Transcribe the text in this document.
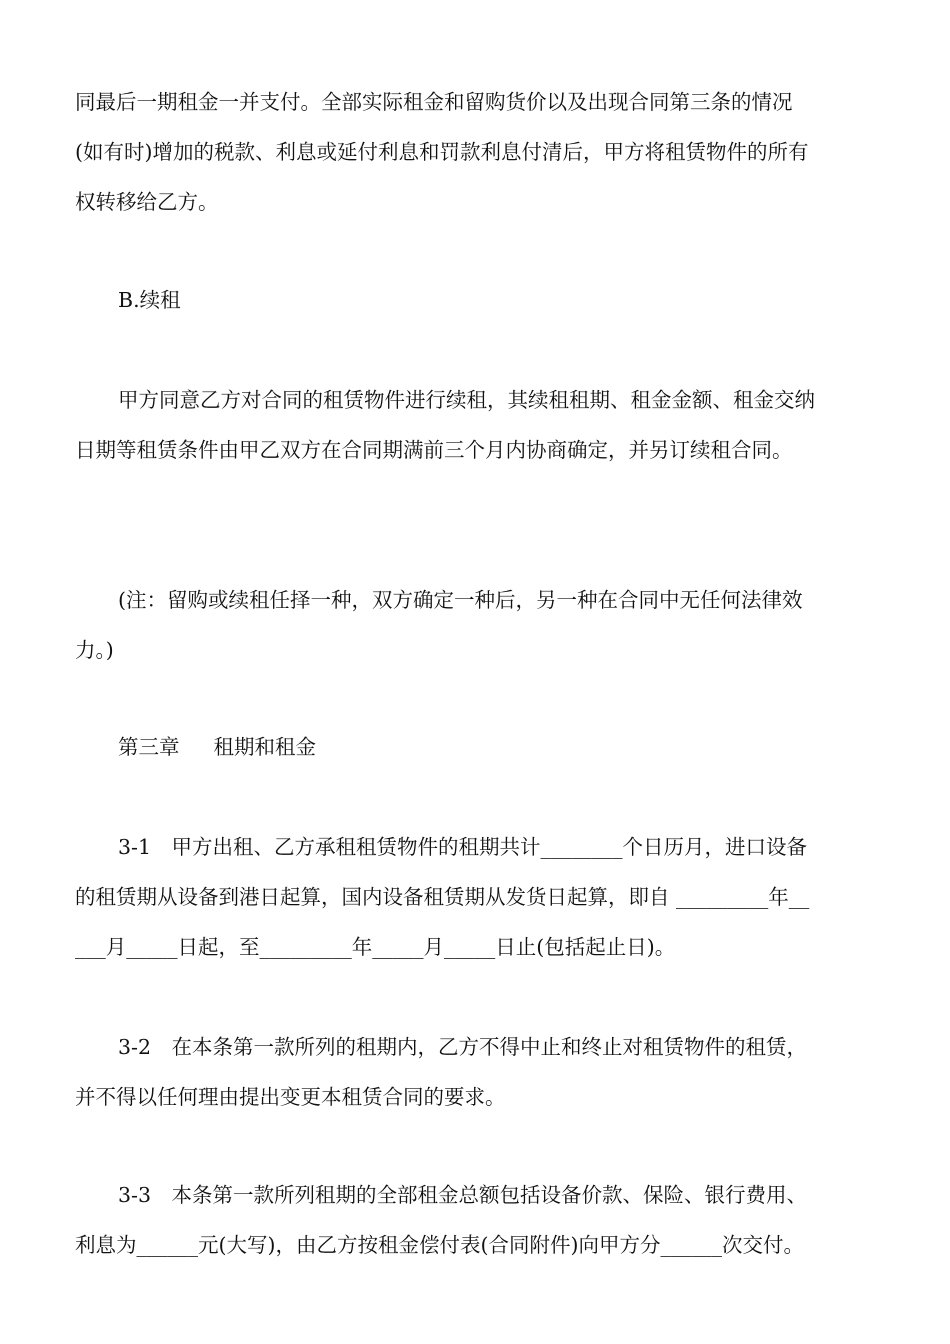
同最后一期租金一并支付。全部实际租金和留购货价以及出现合同第三条的情况
(如有时)增加的税款、利息或延付利息和罚款利息付清后，甲方将租赁物件的所有
权转移给乙方。
B.续租
甲方同意乙方对合同的租赁物件进行续租，其续租租期、租金金额、租金交纳
日期等租赁条件由甲乙双方在合同期满前三个月内协商确定，并另订续租合同。
(注：留购或续租任择一种，双方确定一种后，另一种在合同中无任何法律效
力。)
第三章 租期和租金
3-1　甲方出租、乙方承租租赁物件的租期共计________个日历月，进口设备
的租赁期从设备到港日起算，国内设备租赁期从发货日起算，即自 _________年__
___月_____日起，至_________年_____月_____日止(包括起止日)。
3-2　在本条第一款所列的租期内，乙方不得中止和终止对租赁物件的租赁，
并不得以任何理由提出变更本租赁合同的要求。
3-3　本条第一款所列租期的全部租金总额包括设备价款、保险、银行费用、
利息为______元(大写)，由乙方按租金偿付表(合同附件)向甲方分______次交付。
